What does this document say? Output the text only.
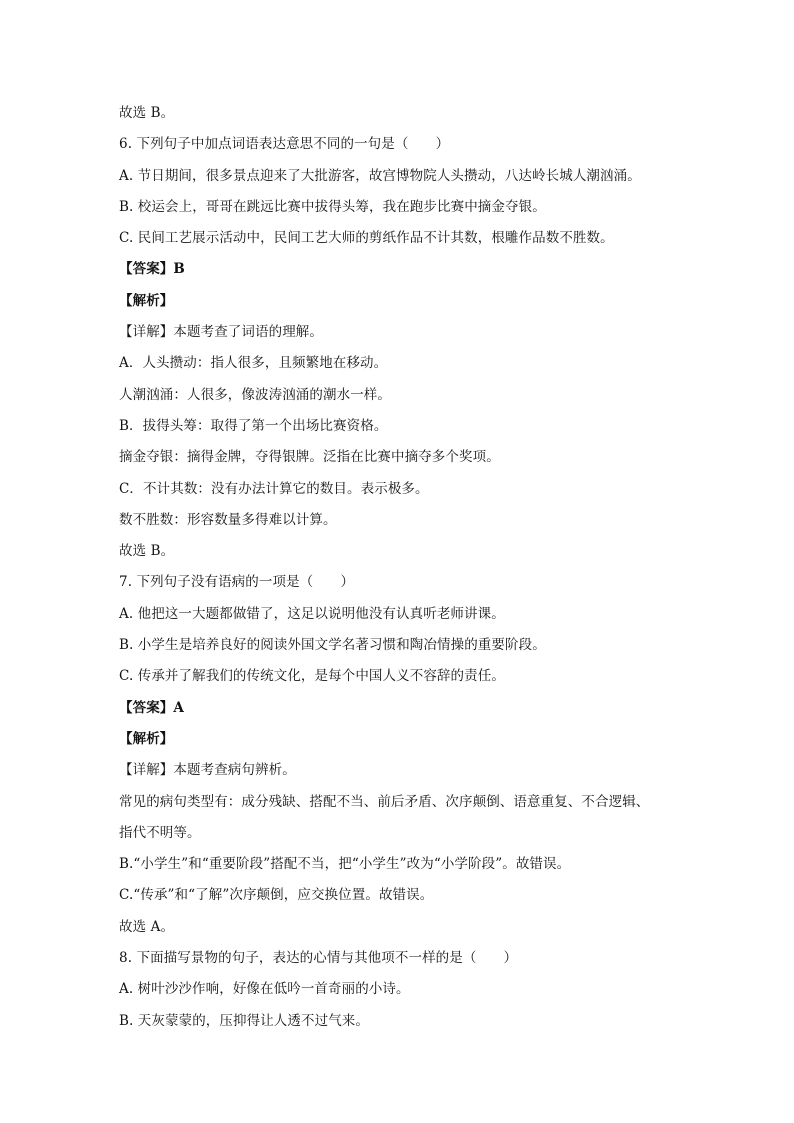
故选 B。
6. 下列句子中加点词语表达意思不同的一句是（　　）
A. 节日期间，很多景点迎来了大批游客，故宫博物院人头攒动，八达岭长城人潮汹涌。
B. 校运会上，哥哥在跳远比赛中拔得头筹，我在跑步比赛中摘金夺银。
C. 民间工艺展示活动中，民间工艺大师的剪纸作品不计其数，根雕作品数不胜数。
【答案】B
【解析】
【详解】本题考查了词语的理解。
A．人头攒动：指人很多，且频繁地在移动。
人潮汹涌：人很多，像波涛汹涌的潮水一样。
B．拔得头筹：取得了第一个出场比赛资格。
摘金夺银：摘得金牌，夺得银牌。泛指在比赛中摘夺多个奖项。
C．不计其数：没有办法计算它的数目。表示极多。
数不胜数：形容数量多得难以计算。
故选 B。
7. 下列句子没有语病的一项是（　　）
A. 他把这一大题都做错了，这足以说明他没有认真听老师讲课。
B. 小学生是培养良好的阅读外国文学名著习惯和陶冶情操的重要阶段。
C. 传承并了解我们的传统文化，是每个中国人义不容辞的责任。
【答案】A
【解析】
【详解】本题考查病句辨析。
常见的病句类型有：成分残缺、搭配不当、前后矛盾、次序颠倒、语意重复、不合逻辑、
指代不明等。
B.“小学生”和“重要阶段”搭配不当，把“小学生”改为“小学阶段”。故错误。
C.“传承”和“了解”次序颠倒，应交换位置。故错误。
故选 A。
8. 下面描写景物的句子，表达的心情与其他项不一样的是（　　）
A. 树叶沙沙作响，好像在低吟一首奇丽的小诗。
B. 天灰蒙蒙的，压抑得让人透不过气来。
